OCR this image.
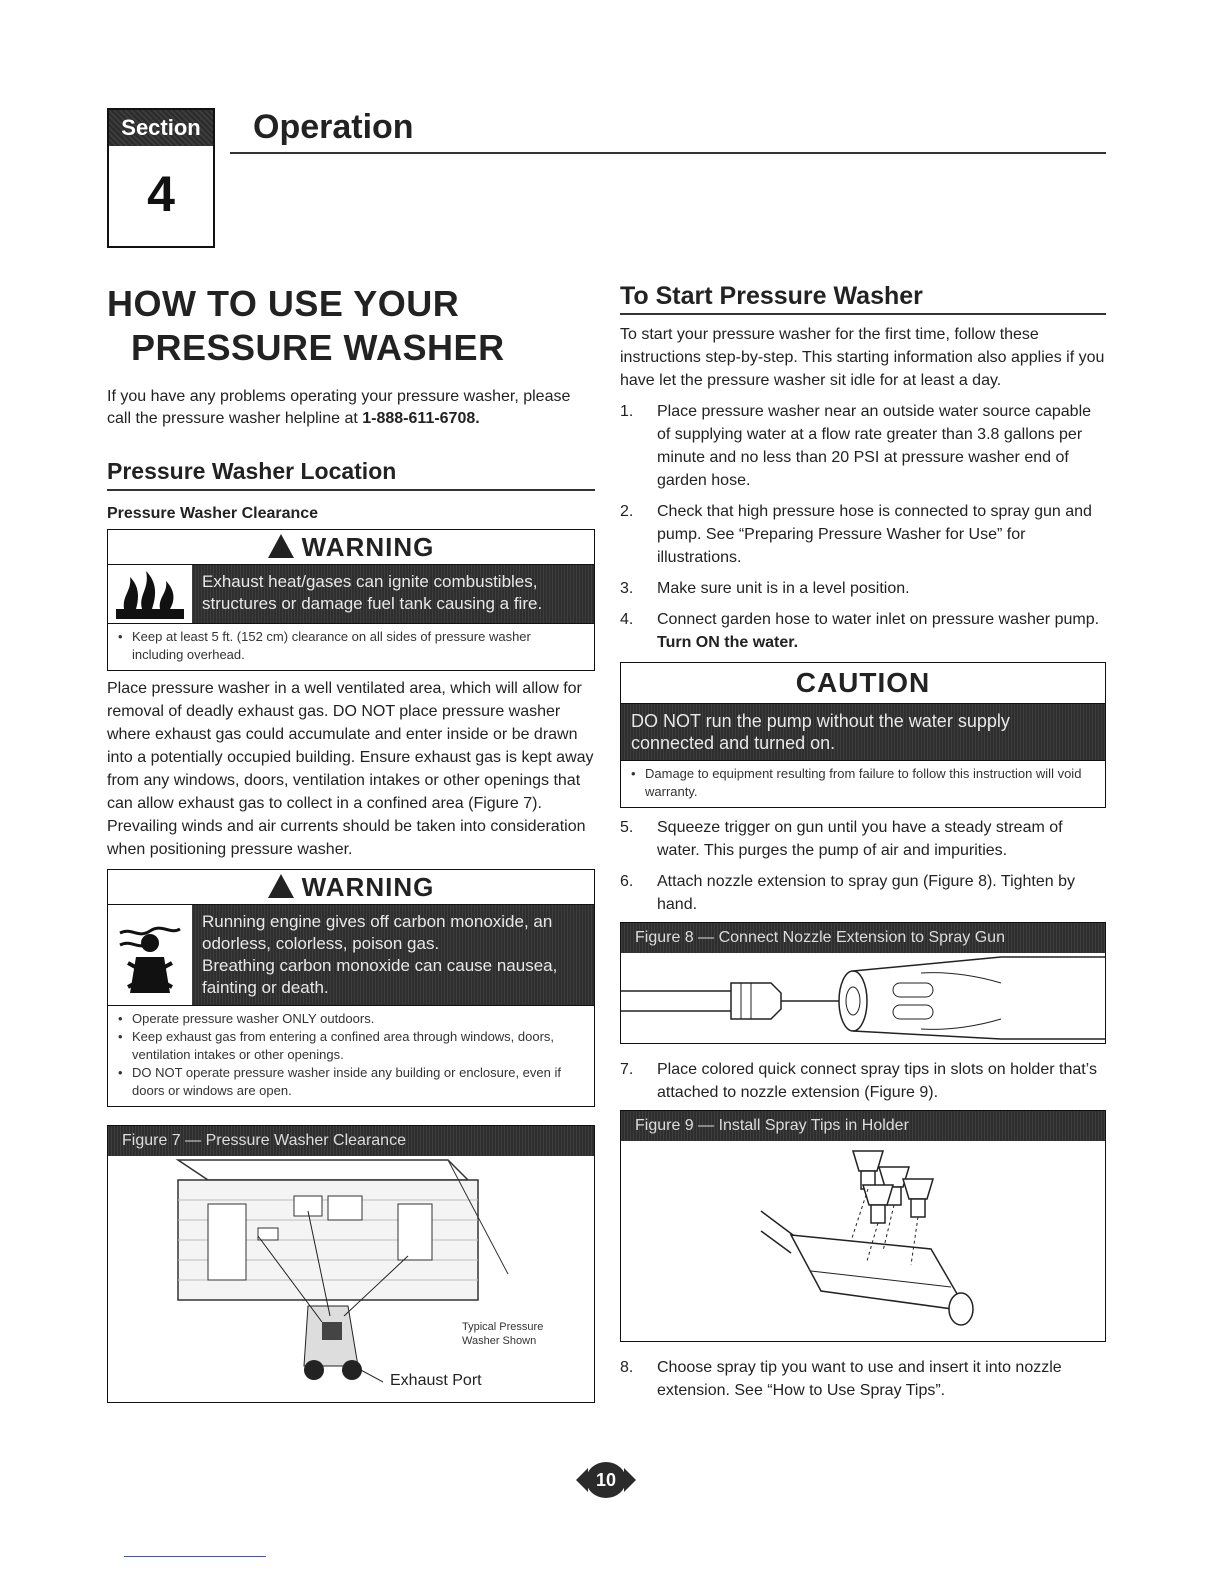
Section
4
Operation
HOW TO USE YOUR
PRESSURE WASHER

If you have any problems operating your pressure washer, please call the pressure washer helpline at 1-888-611-6708.

Pressure Washer Location
Pressure Washer Clearance
WARNING
Exhaust heat/gases can ignite combustibles, structures or damage fuel tank causing a fire.
• Keep at least 5 ft. (152 cm) clearance on all sides of pressure washer including overhead.

Place pressure washer in a well ventilated area, which will allow for removal of deadly exhaust gas. DO NOT place pressure washer where exhaust gas could accumulate and enter inside or be drawn into a potentially occupied building. Ensure exhaust gas is kept away from any windows, doors, ventilation intakes or other openings that can allow exhaust gas to collect in a confined area (Figure 7). Prevailing winds and air currents should be taken into consideration when positioning pressure washer.

WARNING
Running engine gives off carbon monoxide, an odorless, colorless, poison gas.
Breathing carbon monoxide can cause nausea, fainting or death.
• Operate pressure washer ONLY outdoors.
• Keep exhaust gas from entering a confined area through windows, doors, ventilation intakes or other openings.
• DO NOT operate pressure washer inside any building or enclosure, even if doors or windows are open.
Figure 7 — Pressure Washer Clearance
Typical Pressure
Washer Shown
Exhaust Port
To Start Pressure Washer

To start your pressure washer for the first time, follow these instructions step-by-step. This starting information also applies if you have let the pressure washer sit idle for at least a day.

1.	Place pressure washer near an outside water source capable of supplying water at a flow rate greater than 3.8 gallons per minute and no less than 20 PSI at pressure washer end of garden hose.
2.	Check that high pressure hose is connected to spray gun and pump. See “Preparing Pressure Washer for Use” for illustrations.
3.	Make sure unit is in a level position.
4.	Connect garden hose to water inlet on pressure washer pump. Turn ON the water.
CAUTION
DO NOT run the pump without the water supply connected and turned on.
• Damage to equipment resulting from failure to follow this instruction will void warranty.
5.	Squeeze trigger on gun until you have a steady stream of water. This purges the pump of air and impurities.
6.	Attach nozzle extension to spray gun (Figure 8). Tighten by hand.
Figure 8 — Connect Nozzle Extension to Spray Gun
7.	Place colored quick connect spray tips in slots on holder that’s attached to nozzle extension (Figure 9).
Figure 9 — Install Spray Tips in Holder
8.	Choose spray tip you want to use and insert it into nozzle extension. See “How to Use Spray Tips”.
10
